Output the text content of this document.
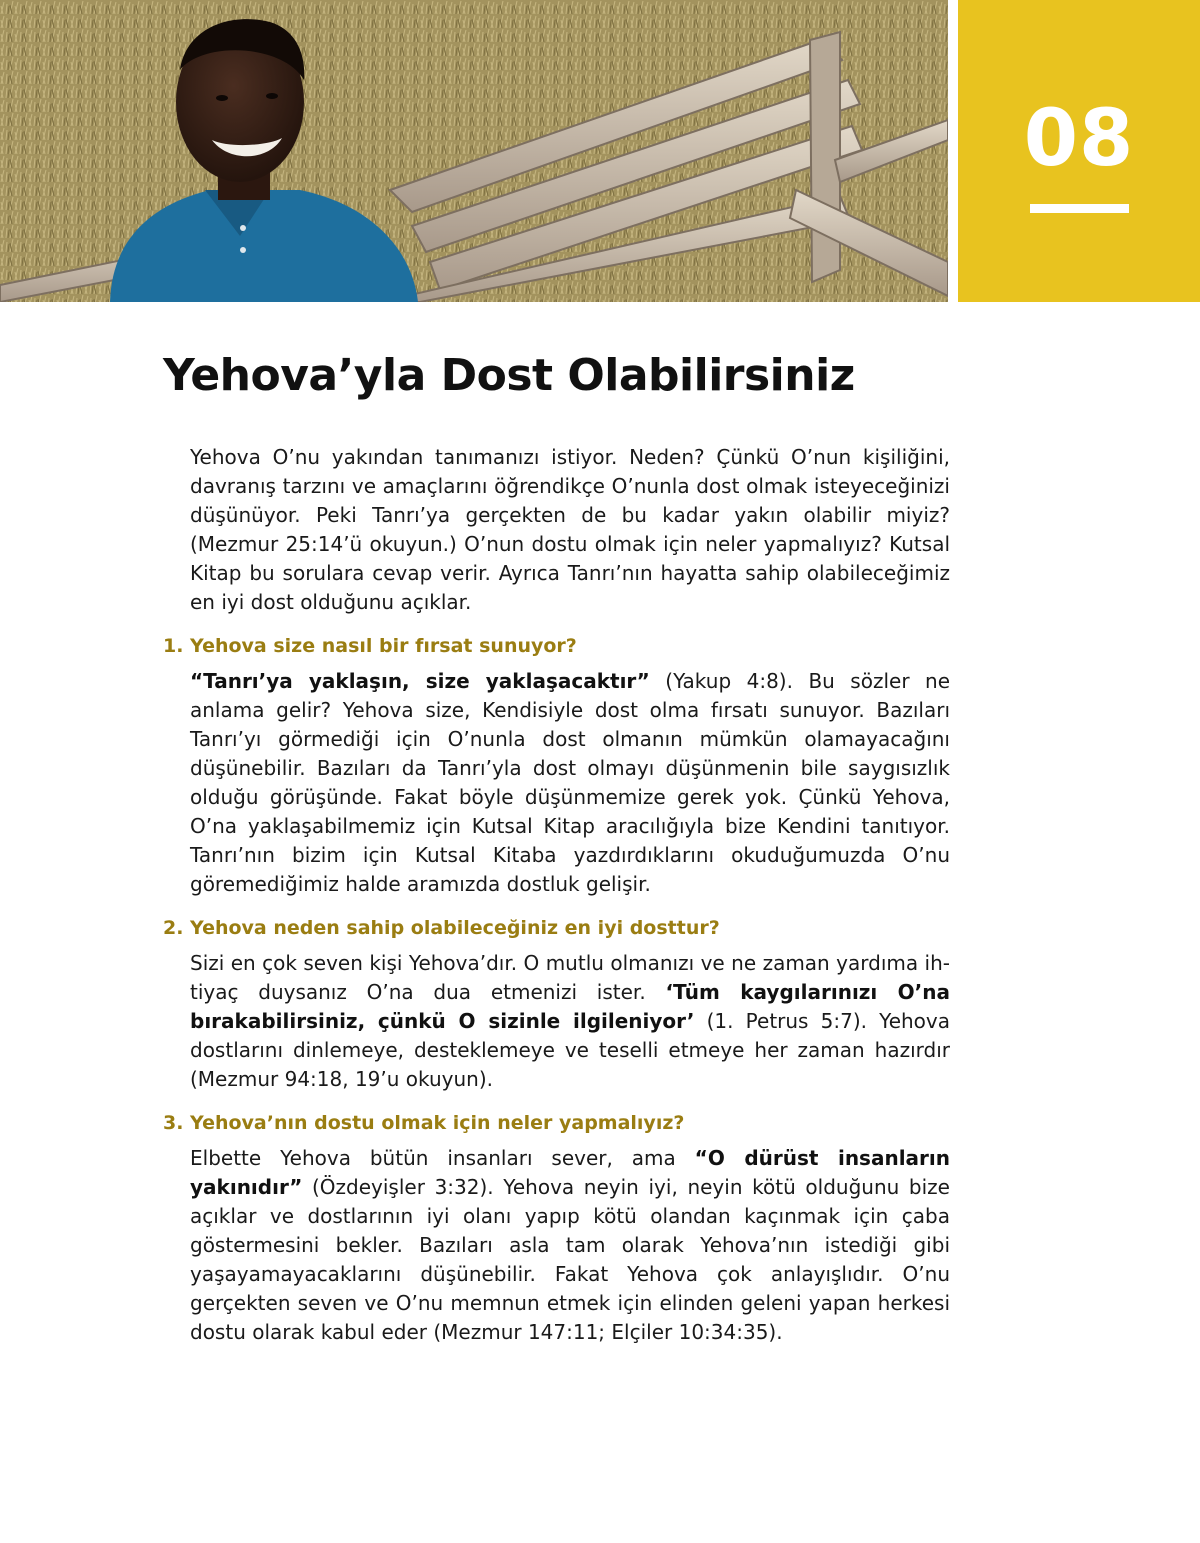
08
Yehova’yla Dost Olabilirsiniz

Yehova O’nu yakından tanımanızı istiyor. Neden? Çünkü O’nun kişiliğini, davranış tarzını ve amaçlarını öğrendikçe O’nunla dost olmak isteyeceğinizi düşünüyor. Peki Tanrı’ya gerçekten de bu kadar yakın olabilir miyiz? (Mezmur 25:14’ü okuyun.) O’nun dostu olmak için neler yapmalıyız? Kutsal Kitap bu sorulara cevap verir. Ayrıca Tanrı’nın hayatta sahip olabileceğimiz en iyi dost olduğunu açıklar.

1. Yehova size nasıl bir fırsat sunuyor?

“Tanrı’ya yaklaşın, size yaklaşacaktır” (Yakup 4:8). Bu sözler ne anlama gelir? Yehova size, Kendisiyle dost olma fırsatı sunuyor. Bazıları Tanrı’yı görmediği için O’nunla dost olmanın mümkün olamayacağını düşünebilir. Bazıları da Tanrı’yla dost olmayı düşünmenin bile saygısızlık olduğu görüşünde. Fakat böyle düşünmemize gerek yok. Çünkü Yehova, O’na yaklaşabilmemiz için Kutsal Kitap aracılığıyla bize Kendini tanıtıyor. Tanrı’nın bizim için Kutsal Kitaba yazdırdıklarını okuduğumuzda O’nu göremediğimiz halde aramızda dostluk gelişir.

2. Yehova neden sahip olabileceğiniz en iyi dosttur?

Sizi en çok seven kişi Yehova’dır. O mutlu olmanızı ve ne zaman yardıma ihtiyaç duysanız O’na dua etmenizi ister. ‘Tüm kaygılarınızı O’na bırakabilirsiniz, çünkü O sizinle ilgileniyor’ (1. Petrus 5:7). Yehova dostlarını dinlemeye, desteklemeye ve teselli etmeye her zaman hazırdır (Mezmur 94:18, 19’u okuyun).

3. Yehova’nın dostu olmak için neler yapmalıyız?

Elbette Yehova bütün insanları sever, ama “O dürüst insanların yakınıdır” (Özdeyişler 3:32). Yehova neyin iyi, neyin kötü olduğunu bize açıklar ve dostlarının iyi olanı yapıp kötü olandan kaçınmak için çaba göstermesini bekler. Bazıları asla tam olarak Yehova’nın istediği gibi yaşayamayacaklarını düşünebilir. Fakat Yehova çok anlayışlıdır. O’nu gerçekten seven ve O’nu memnun etmek için elinden geleni yapan herkesi dostu olarak kabul eder (Mezmur 147:11; Elçiler 10:34:35).
